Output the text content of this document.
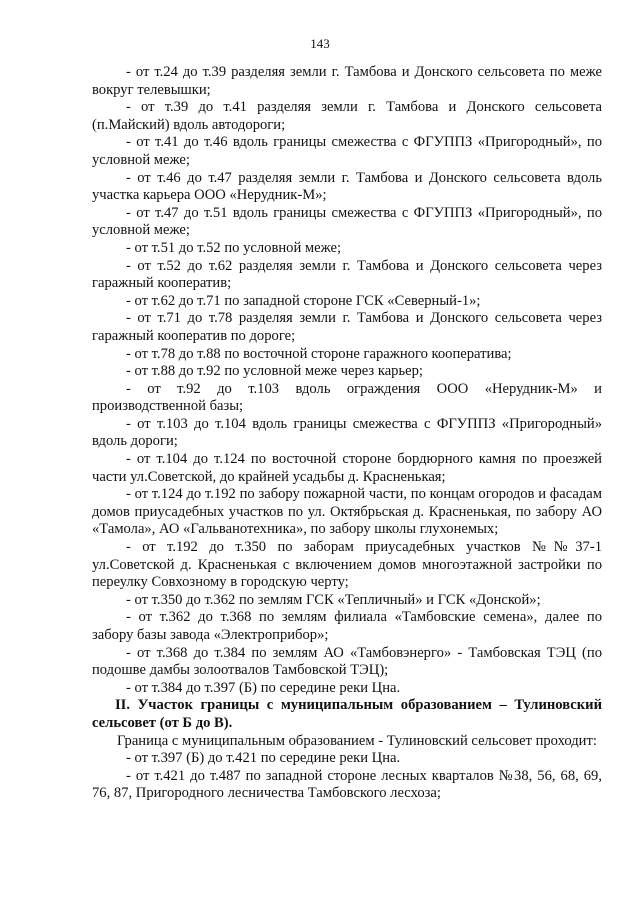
143

- от т.24 до т.39 разделяя земли г. Тамбова и Донского сельсовета по меже вокруг телевышки;

- от т.39 до т.41 разделяя земли г. Тамбова и Донского сельсовета (п.Майский) вдоль автодороги;

- от т.41 до т.46 вдоль границы смежества с ФГУППЗ «Пригородный», по условной меже;

- от т.46 до т.47 разделяя земли г. Тамбова и Донского сельсовета вдоль участка карьера ООО «Нерудник-М»;

- от т.47 до т.51 вдоль границы смежества с ФГУППЗ «Пригородный», по условной меже;

- от т.51 до т.52 по условной меже;

- от т.52 до т.62 разделяя земли г. Тамбова и Донского сельсовета через гаражный кооператив;

- от т.62 до т.71 по западной стороне ГСК «Северный-1»;

- от т.71 до т.78 разделяя земли г. Тамбова и Донского сельсовета через гаражный кооператив по дороге;

- от т.78 до т.88 по восточной стороне гаражного кооператива;

- от т.88 до т.92 по условной меже через карьер;

- от т.92 до т.103 вдоль ограждения ООО «Нерудник-М» и производственной базы;

- от т.103 до т.104 вдоль границы смежества с ФГУППЗ «Пригородный» вдоль дороги;

- от т.104 до т.124 по восточной стороне бордюрного камня по проезжей части ул.Советской, до крайней усадьбы д. Красненькая;

- от т.124 до т.192 по забору пожарной части, по концам огородов и фасадам домов приусадебных участков по ул. Октябрьская д. Красненькая, по забору АО «Тамола», АО «Гальванотехника», по забору школы глухонемых;

- от т.192 до т.350 по заборам приусадебных участков №№37-1 ул.Советской д. Красненькая с включением домов многоэтажной застройки по переулку Совхозному в городскую черту;

- от т.350 до т.362 по землям ГСК «Тепличный» и ГСК «Донской»;

- от т.362 до т.368 по землям филиала «Тамбовские семена», далее по забору базы завода «Электроприбор»;

- от т.368 до т.384 по землям АО «Тамбовэнерго» - Тамбовская ТЭЦ (по подошве дамбы золоотвалов Тамбовской ТЭЦ);

- от т.384 до т.397 (Б) по середине реки Цна.

II. Участок границы с муниципальным образованием – Тулиновский сельсовет (от Б до В).

Граница с муниципальным образованием - Тулиновский сельсовет проходит:

- от т.397 (Б) до т.421 по середине реки Цна.

- от т.421 до т.487 по западной стороне лесных кварталов №38, 56, 68, 69, 76, 87, Пригородного лесничества Тамбовского лесхоза;
